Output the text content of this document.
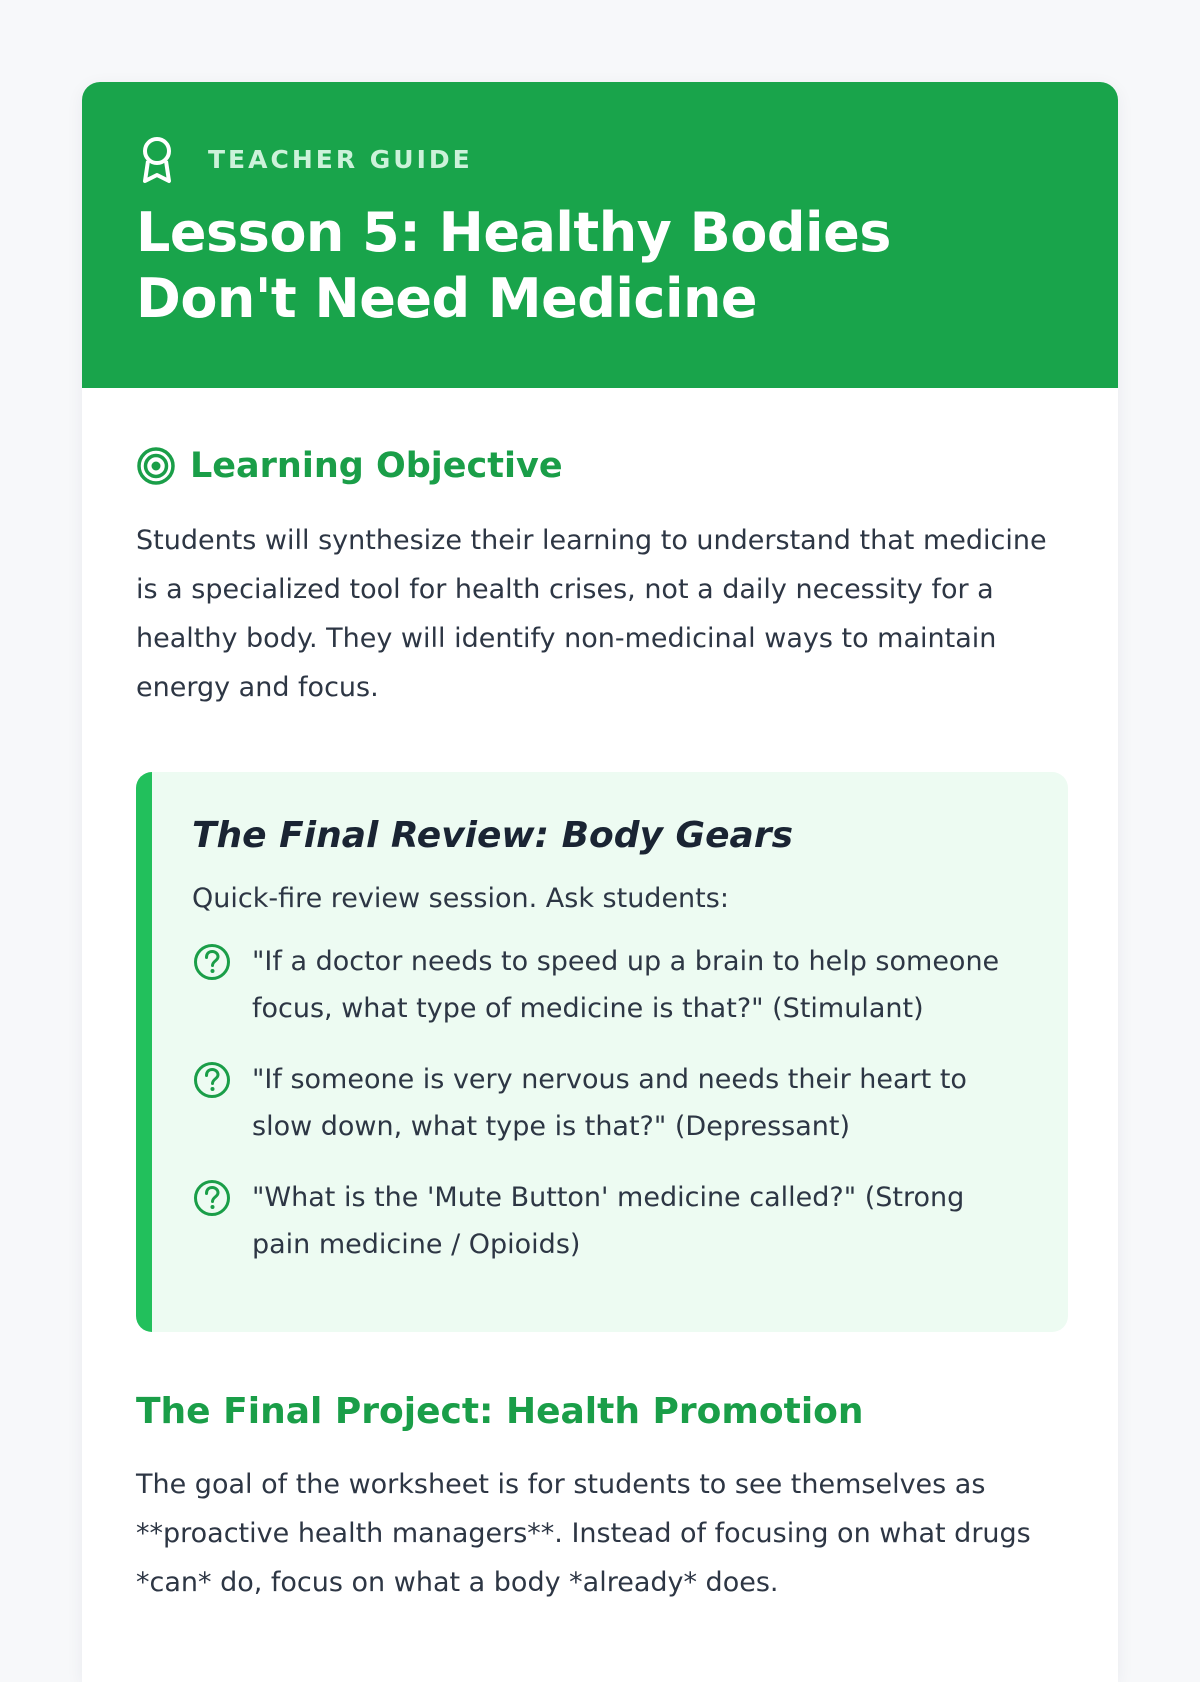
TEACHER GUIDE
Lesson 5: Healthy Bodies Don't Need Medicine
Learning Objective

Students will synthesize their learning to understand that medicine is a specialized tool for health crises, not a daily necessity for a healthy body. They will identify non-medicinal ways to maintain energy and focus.

The Final Review: Body Gears

Quick-fire review session. Ask students:

"If a doctor needs to speed up a brain to help someone focus, what type of medicine is that?" (Stimulant)
"If someone is very nervous and needs their heart to slow down, what type is that?" (Depressant)
"What is the 'Mute Button' medicine called?" (Strong pain medicine / Opioids)
The Final Project: Health Promotion

The goal of the worksheet is for students to see themselves as **proactive health managers**. Instead of focusing on what drugs *can* do, focus on what a body *already* does.
